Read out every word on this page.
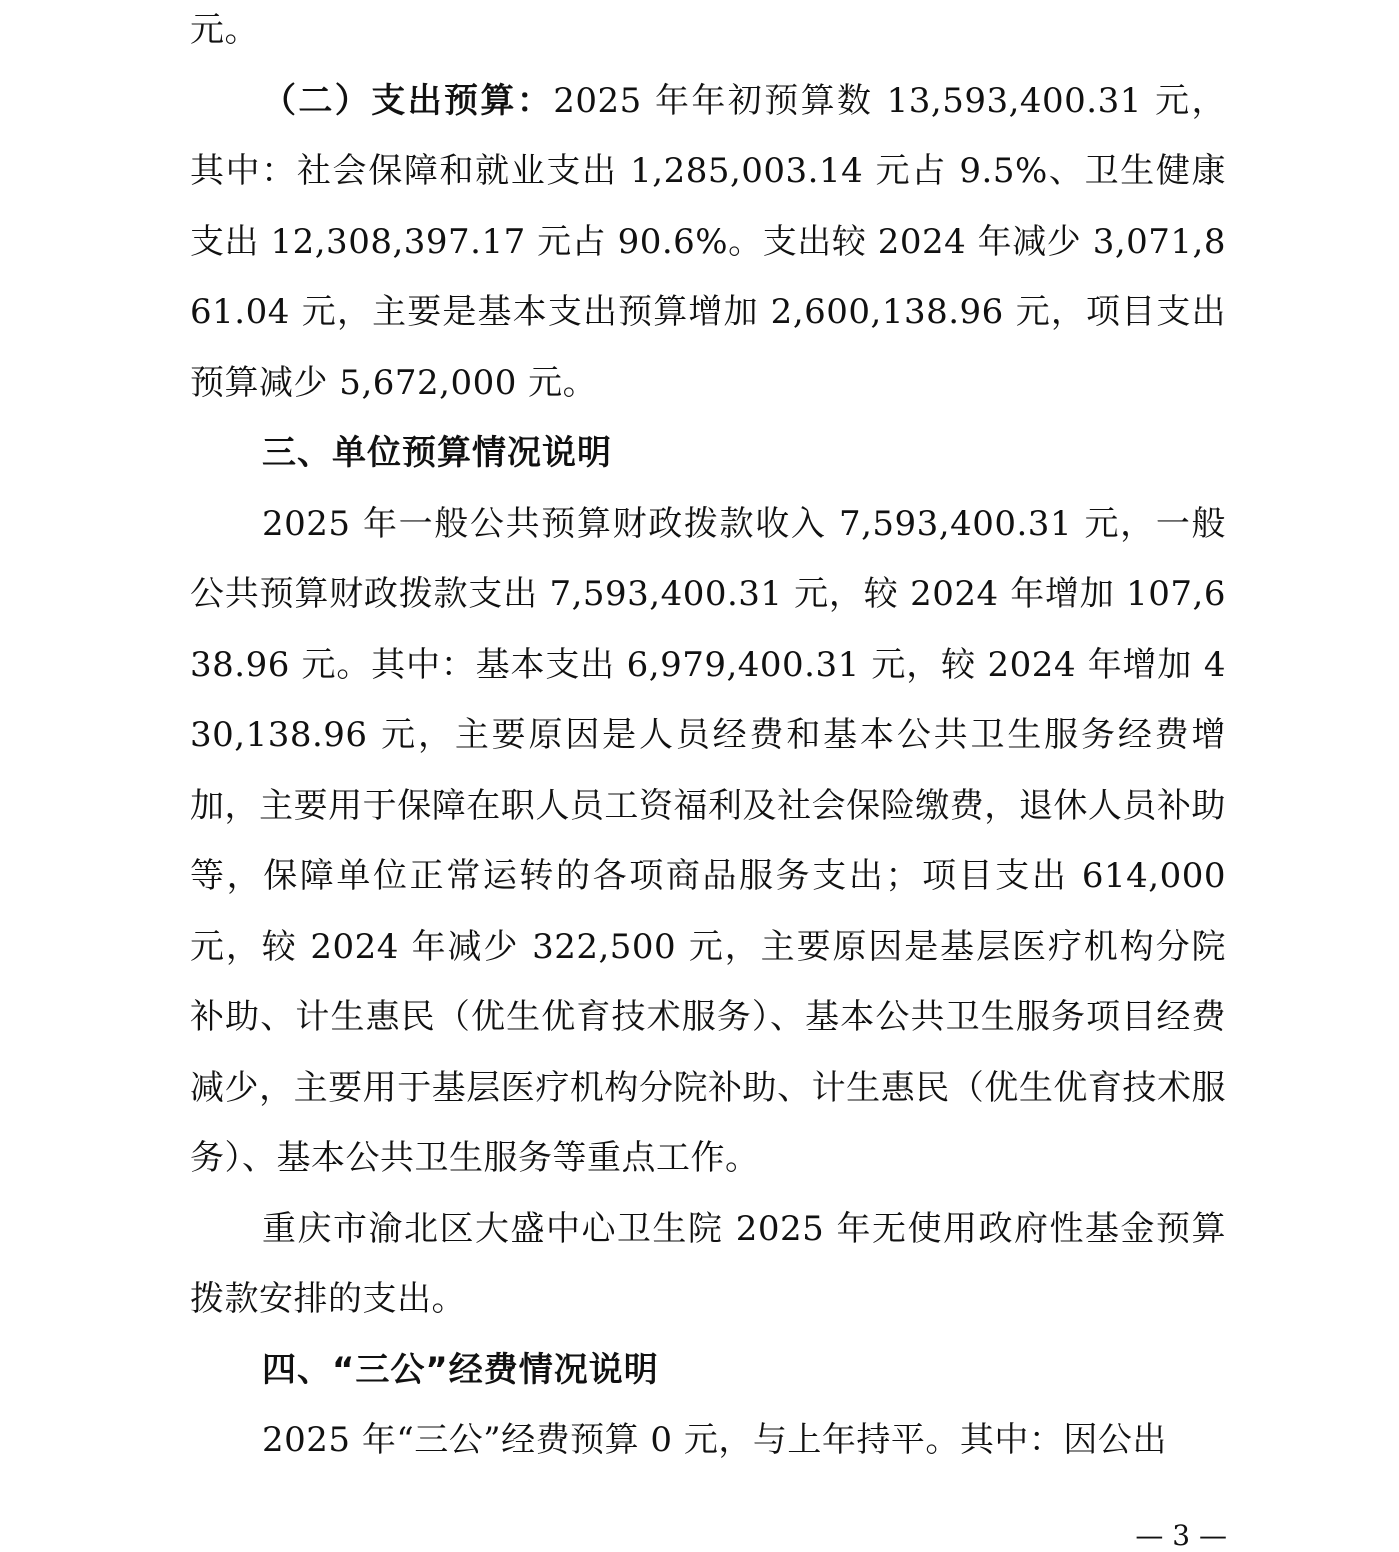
元。

（二）支出预算：2025 年年初预算数 13,593,400.31 元，其中：社会保障和就业支出 1,285,003.14 元占 9.5%、卫生健康支出 12,308,397.17 元占 90.6%。支出较 2024 年减少 3,071,861.04 元，主要是基本支出预算增加 2,600,138.96 元，项目支出预算减少 5,672,000 元。

三、单位预算情况说明

2025 年一般公共预算财政拨款收入 7,593,400.31 元，一般公共预算财政拨款支出 7,593,400.31 元，较 2024 年增加 107,638.96 元。其中：基本支出 6,979,400.31 元，较 2024 年增加 430,138.96 元，主要原因是人员经费和基本公共卫生服务经费增加，主要用于保障在职人员工资福利及社会保险缴费，退休人员补助等，保障单位正常运转的各项商品服务支出；项目支出 614,000 元，较 2024 年减少 322,500 元，主要原因是基层医疗机构分院补助、计生惠民（优生优育技术服务）、基本公共卫生服务项目经费减少，主要用于基层医疗机构分院补助、计生惠民（优生优育技术服务）、基本公共卫生服务等重点工作。

重庆市渝北区大盛中心卫生院 2025 年无使用政府性基金预算拨款安排的支出。

四、“三公”经费情况说明

2025 年“三公”经费预算 0 元，与上年持平。其中：因公出

— 3 —
